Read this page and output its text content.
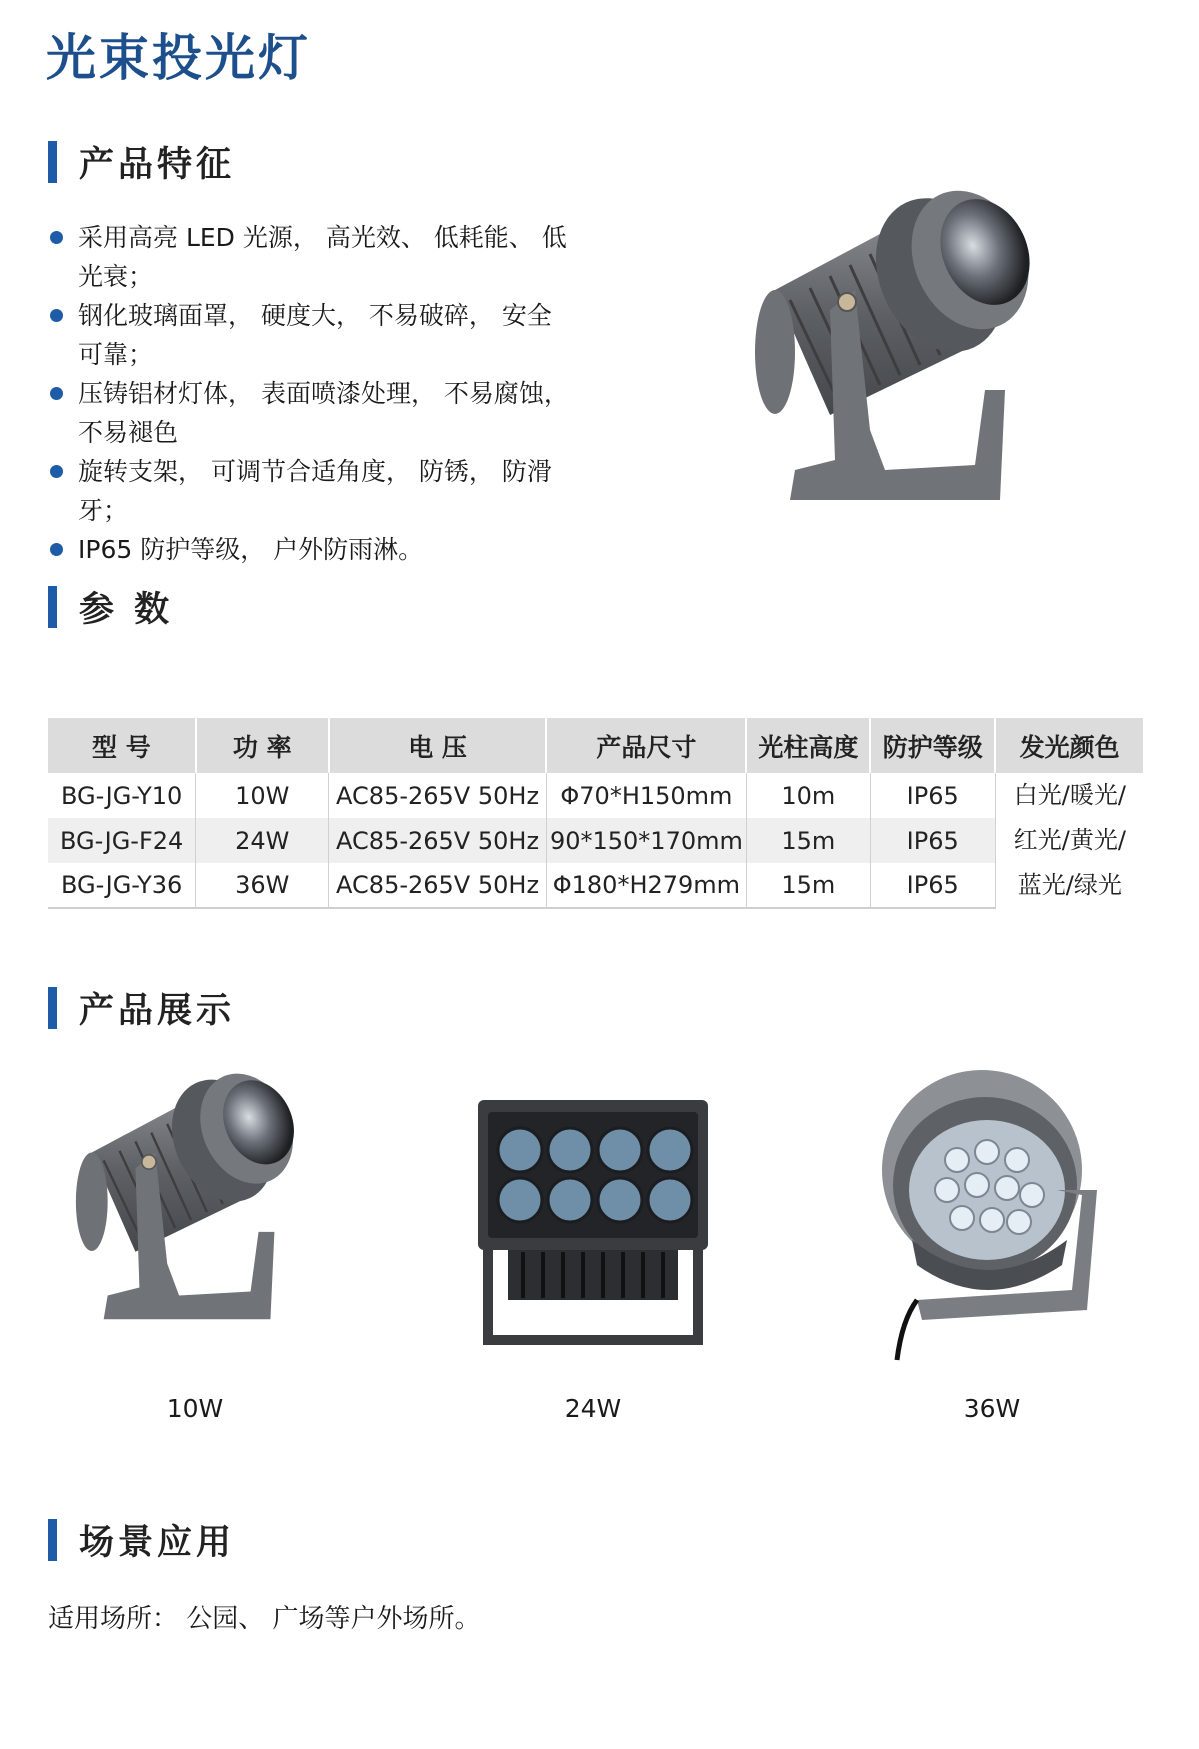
光束投光灯
产品特征
采用高亮 LED 光源， 高光效、 低耗能、 低
光衰；
钢化玻璃面罩， 硬度大， 不易破碎， 安全
可靠；
压铸铝材灯体， 表面喷漆处理， 不易腐蚀，
不易褪色
旋转支架， 可调节合适角度， 防锈， 防滑
牙；
IP65 防护等级， 户外防雨淋。
参 数
型 号	功 率	电 压	产品尺寸	光柱高度	防护等级	发光颜色
BG-JG-Y10	10W	AC85-265V 50Hz	Φ70*H150mm	10m	IP65	白光/暖光/
红光/黄光/
蓝光/绿光

BG-JG-F24	24W	AC85-265V 50Hz	90*150*170mm	15m	IP65	
BG-JG-Y36	36W	AC85-265V 50Hz	Φ180*H279mm	15m	IP65	
产品展示
10W	24W	36W
场景应用
适用场所： 公园、 广场等户外场所。
